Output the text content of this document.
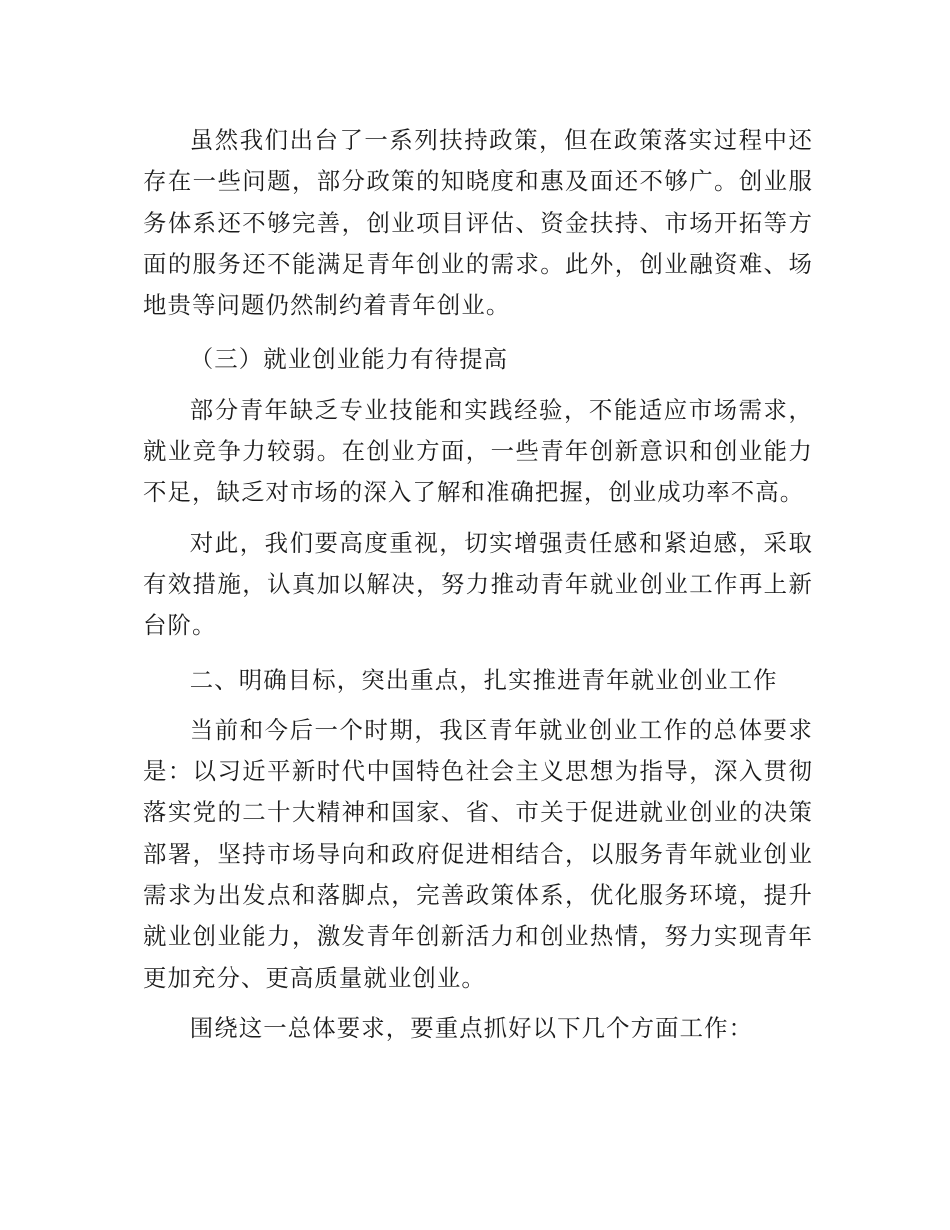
虽然我们出台了一系列扶持政策，但在政策落实过程中还存在一些问题，部分政策的知晓度和惠及面还不够广。创业服务体系还不够完善，创业项目评估、资金扶持、市场开拓等方面的服务还不能满足青年创业的需求。此外，创业融资难、场地贵等问题仍然制约着青年创业。

（三）就业创业能力有待提高

部分青年缺乏专业技能和实践经验，不能适应市场需求，就业竞争力较弱。在创业方面，一些青年创新意识和创业能力不足，缺乏对市场的深入了解和准确把握，创业成功率不高。

对此，我们要高度重视，切实增强责任感和紧迫感，采取有效措施，认真加以解决，努力推动青年就业创业工作再上新台阶。

二、明确目标，突出重点，扎实推进青年就业创业工作

当前和今后一个时期，我区青年就业创业工作的总体要求是：以习近平新时代中国特色社会主义思想为指导，深入贯彻落实党的二十大精神和国家、省、市关于促进就业创业的决策部署，坚持市场导向和政府促进相结合，以服务青年就业创业需求为出发点和落脚点，完善政策体系，优化服务环境，提升就业创业能力，激发青年创新活力和创业热情，努力实现青年更加充分、更高质量就业创业。

围绕这一总体要求，要重点抓好以下几个方面工作：
